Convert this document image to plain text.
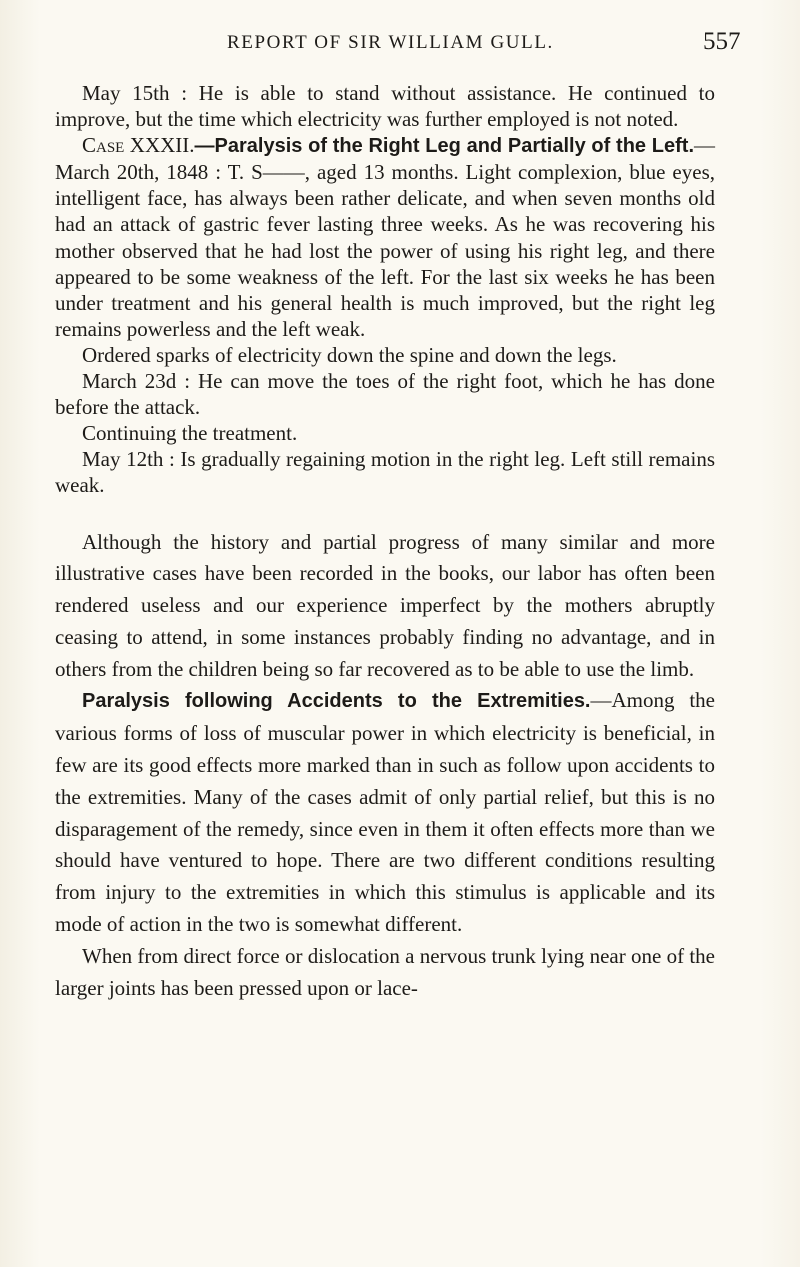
REPORT OF SIR WILLIAM GULL.	557

May 15th : He is able to stand without assistance. He continued to improve, but the time which electricity was further employed is not noted.

Case XXXII.—Paralysis of the Right Leg and Partially of the Left.—March 20th, 1848 : T. S——, aged 13 months. Light complexion, blue eyes, intelligent face, has always been rather delicate, and when seven months old had an attack of gastric fever lasting three weeks. As he was recovering his mother observed that he had lost the power of using his right leg, and there appeared to be some weakness of the left. For the last six weeks he has been under treatment and his general health is much improved, but the right leg remains powerless and the left weak.

Ordered sparks of electricity down the spine and down the legs.

March 23d : He can move the toes of the right foot, which he has done before the attack.

Continuing the treatment.

May 12th : Is gradually regaining motion in the right leg. Left still remains weak.

Although the history and partial progress of many similar and more illustrative cases have been recorded in the books, our labor has often been rendered useless and our experience imperfect by the mothers abruptly ceasing to attend, in some instances probably finding no advantage, and in others from the children being so far recovered as to be able to use the limb.

Paralysis following Accidents to the Extremities.—Among the various forms of loss of muscular power in which electricity is beneficial, in few are its good effects more marked than in such as follow upon accidents to the extremities. Many of the cases admit of only partial relief, but this is no disparagement of the remedy, since even in them it often effects more than we should have ventured to hope. There are two different conditions resulting from injury to the extremities in which this stimulus is applicable and its mode of action in the two is somewhat different.

When from direct force or dislocation a nervous trunk lying near one of the larger joints has been pressed upon or lace-
